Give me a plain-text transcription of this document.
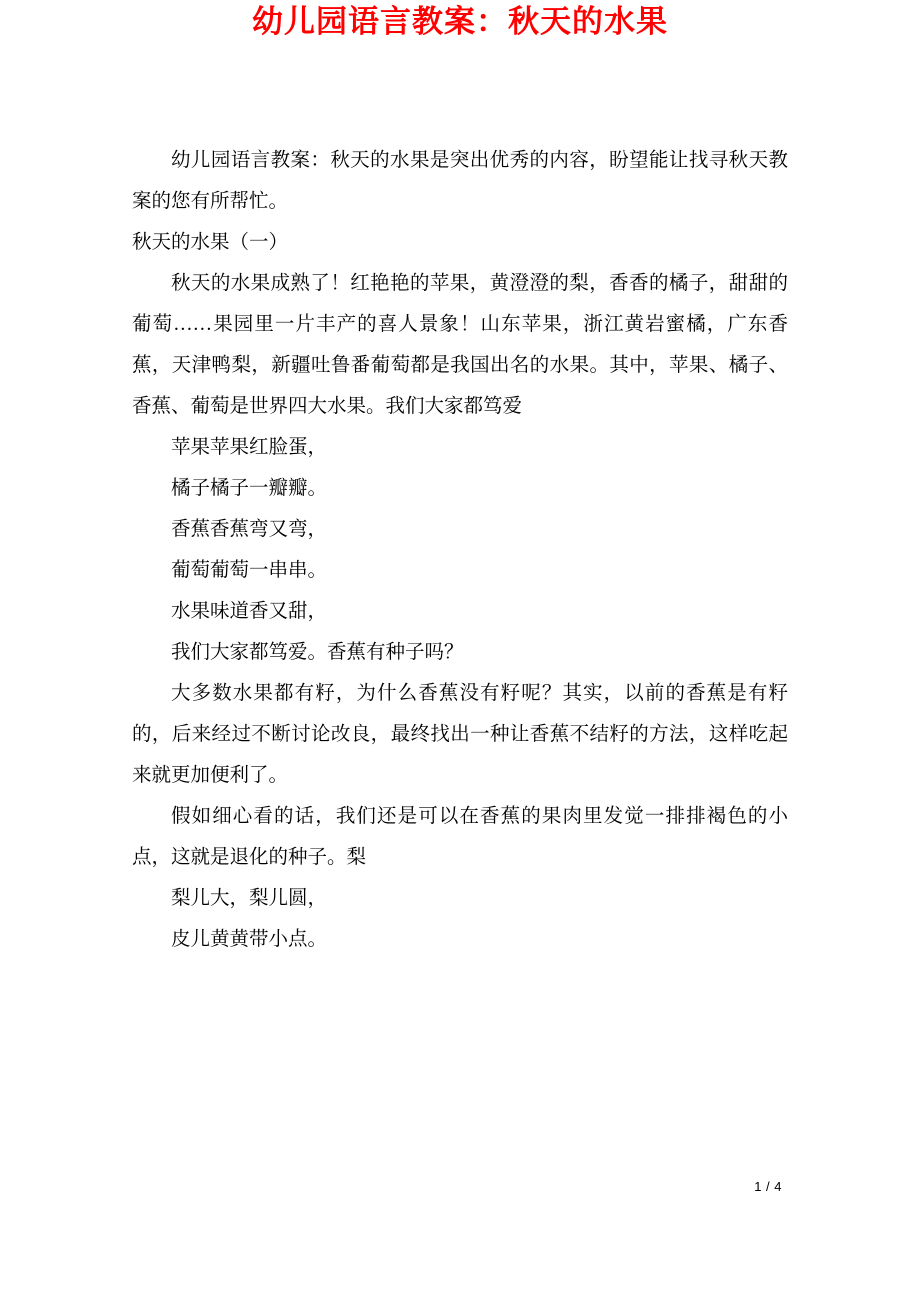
幼儿园语言教案：秋天的水果

幼儿园语言教案：秋天的水果是突出优秀的内容，盼望能让找寻秋天教案的您有所帮忙。

秋天的水果（一）

秋天的水果成熟了！红艳艳的苹果，黄澄澄的梨，香香的橘子，甜甜的葡萄……果园里一片丰产的喜人景象！山东苹果，浙江黄岩蜜橘，广东香蕉，天津鸭梨，新疆吐鲁番葡萄都是我国出名的水果。其中，苹果、橘子、香蕉、葡萄是世界四大水果。我们大家都笃爱

苹果苹果红脸蛋，

橘子橘子一瓣瓣。

香蕉香蕉弯又弯，

葡萄葡萄一串串。

水果味道香又甜，

我们大家都笃爱。香蕉有种子吗？

大多数水果都有籽，为什么香蕉没有籽呢？其实，以前的香蕉是有籽的，后来经过不断讨论改良，最终找出一种让香蕉不结籽的方法，这样吃起来就更加便利了。

假如细心看的话，我们还是可以在香蕉的果肉里发觉一排排褐色的小点，这就是退化的种子。梨

梨儿大，梨儿圆，

皮儿黄黄带小点。

1 / 4
